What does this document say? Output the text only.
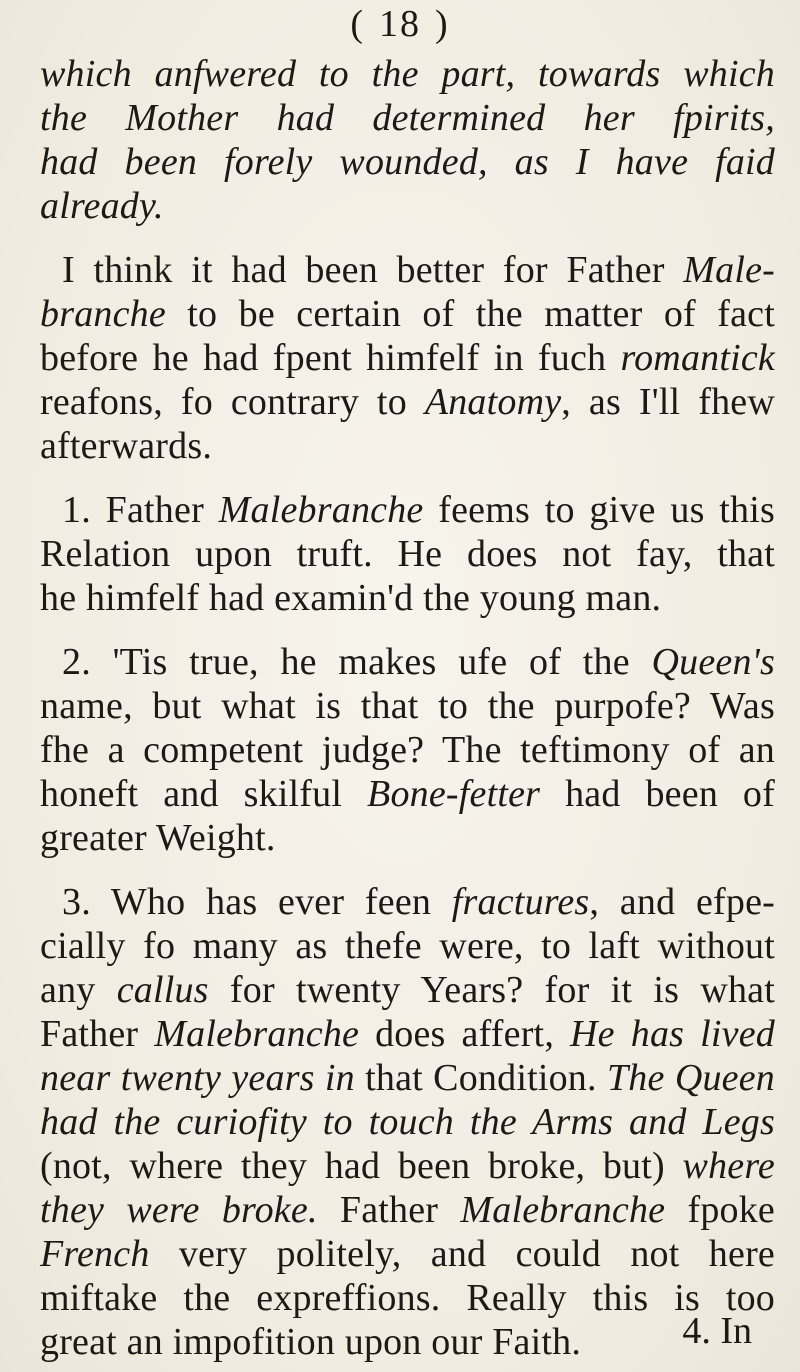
( 18 )
which anfwered to the part, towards which
the Mother had determined her fpirits,
had been forely wounded, as I have faid
already.
I think it had been better for Father Male-
branche to be certain of the matter of fact
before he had fpent himfelf in fuch romantick
reafons, fo contrary to Anatomy, as I'll fhew
afterwards.
1. Father Malebranche feems to give us this
Relation upon truft. He does not fay, that
he himfelf had examin'd the young man.
2. 'Tis true, he makes ufe of the Queen's
name, but what is that to the purpofe? Was
fhe a competent judge? The teftimony of an
honeft and skilful Bone-fetter had been of
greater Weight.
3. Who has ever feen fractures, and efpe-
cially fo many as thefe were, to laft without
any callus for twenty Years? for it is what
Father Malebranche does affert, He has lived
near twenty years in that Condition. The Queen
had the curiofity to touch the Arms and Legs
(not, where they had been broke, but) where
they were broke. Father Malebranche fpoke
French very politely, and could not here
miftake the expreffions. Really this is too
great an impofition upon our Faith.	4. In
